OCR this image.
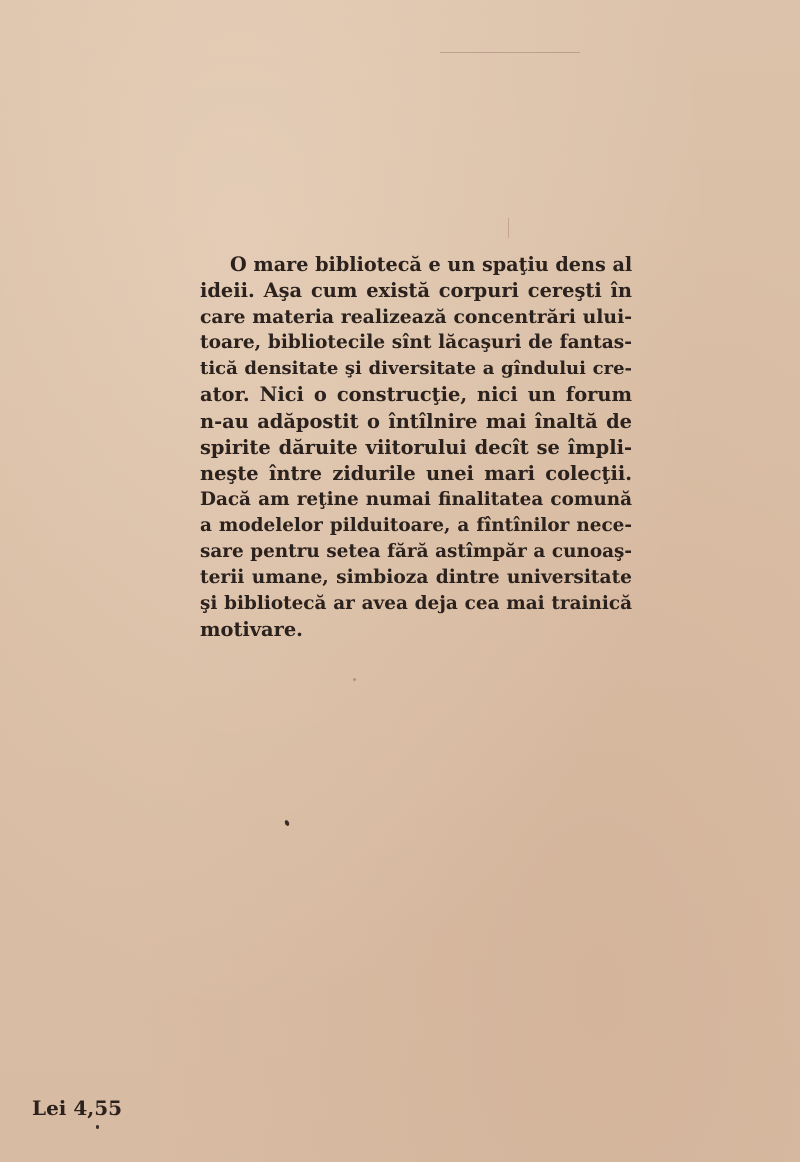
O mare bibliotecă e un spaţiu dens al
ideii. Aşa cum există corpuri cereşti în
care materia realizează concentrări ului-
toare, bibliotecile sînt lăcaşuri de fantas-
tică densitate şi diversitate a gîndului cre-
ator. Nici o construcţie, nici un forum
n-au adăpostit o întîlnire mai înaltă de
spirite dăruite viitorului decît se împli-
neşte între zidurile unei mari colecţii.
Dacă am reţine numai finalitatea comună
a modelelor pilduitoare, a fîntînilor nece-
sare pentru setea fără astîmpăr a cunoaş-
terii umane, simbioza dintre universitate
şi bibliotecă ar avea deja cea mai trainică
motivare.
Lei 4,55
